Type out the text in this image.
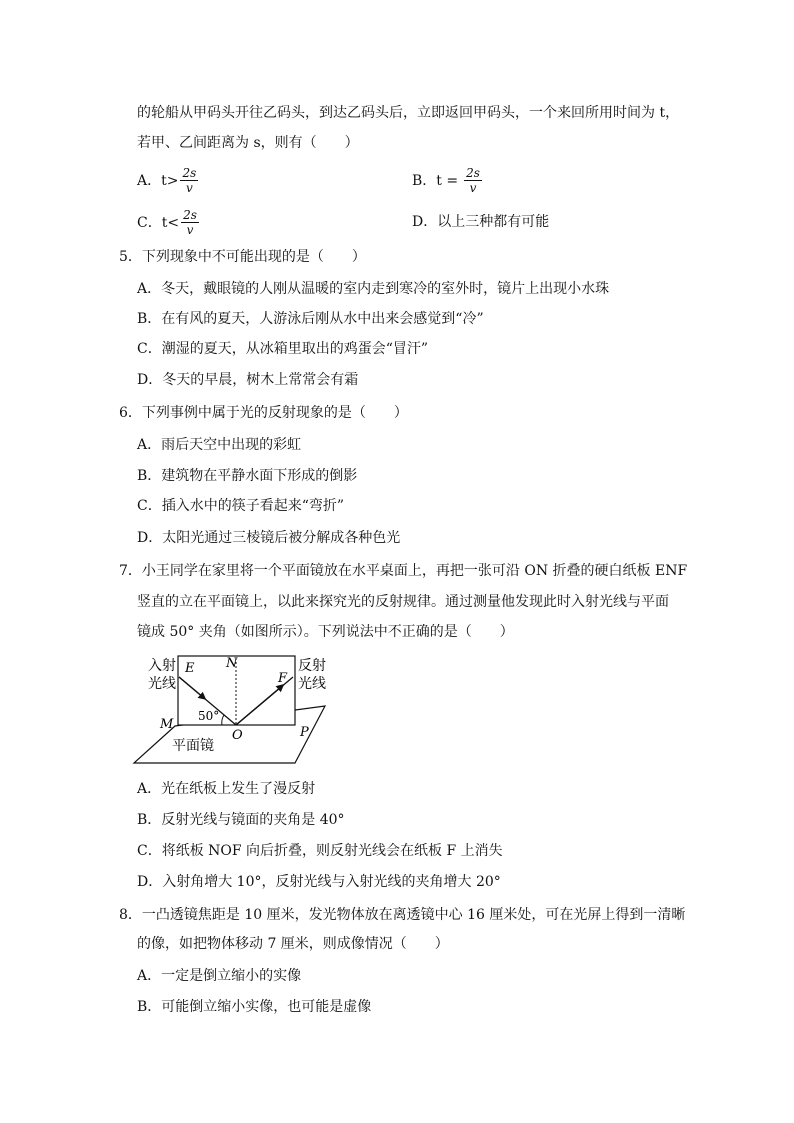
的轮船从甲码头开往乙码头，到达乙码头后，立即返回甲码头，一个来回所用时间为 t，
若甲、乙间距离为 s，则有（　　）
A．$t> \frac{2s}{v}$	B．$t = \frac{2s}{v}$
C．$t< \frac{2s}{v}$	D．以上三种都有可能
5．下列现象中不可能出现的是（　　）
A．冬天，戴眼镜的人刚从温暖的室内走到寒冷的室外时，镜片上出现小水珠
B．在有风的夏天，人游泳后刚从水中出来会感觉到“冷”
C．潮湿的夏天，从冰箱里取出的鸡蛋会“冒汗”
D．冬天的早晨，树木上常常会有霜
6．下列事例中属于光的反射现象的是（　　）
A．雨后天空中出现的彩虹
B．建筑物在平静水面下形成的倒影
C．插入水中的筷子看起来“弯折”
D．太阳光通过三棱镜后被分解成各种色光
7．小王同学在家里将一个平面镜放在水平桌面上，再把一张可沿 ON 折叠的硬白纸板 ENF
竖直的立在平面镜上，以此来探究光的反射规律。通过测量他发现此时入射光线与平面
镜成 50° 夹角（如图所示）。下列说法中不正确的是（　　）
入射
光线
反射
光线
E N
F
M
O	P
50°
平面镜
A．光在纸板上发生了漫反射
B．反射光线与镜面的夹角是 40°
C．将纸板 NOF 向后折叠，则反射光线会在纸板 F 上消失
D．入射角增大 10°，反射光线与入射光线的夹角增大 20°
8．一凸透镜焦距是 10 厘米，发光物体放在离透镜中心 16 厘米处，可在光屏上得到一清晰
的像，如把物体移动 7 厘米，则成像情况（　　）
A．一定是倒立缩小的实像
B．可能倒立缩小实像，也可能是虚像
